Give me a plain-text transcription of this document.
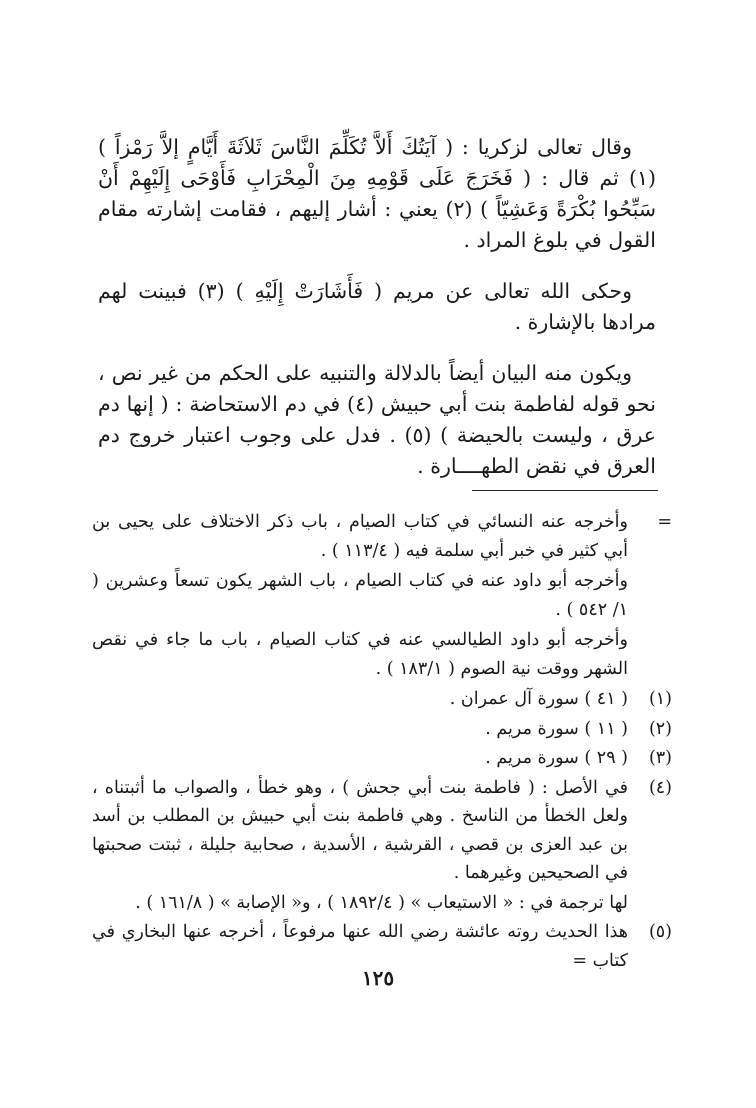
وقال تعالى لزكريا : ( آيَتُكَ أَلاَّ تُكَلِّمَ النَّاسَ ثَلاَثَةَ أَيَّامٍ إلاَّ رَمْزاً ) (١) ثم قال : ( فَخَرَجَ عَلَى قَوْمِهِ مِنَ الْمِحْرَابِ فَأَوْحَى إِلَيْهِمْ أَنْ سَبِّحُوا بُكْرَةً وَعَشِيّاً ) (٢) يعني : أشار إليهم ، فقامت إشارته مقام القول في بلوغ المراد .

وحكى الله تعالى عن مريم ( فَأَشَارَتْ إِلَيْهِ ) (٣) فبينت لهم مرادها بالإشارة .

ويكون منه البيان أيضاً بالدلالة والتنبيه على الحكم من غير نص ، نحو قوله لفاطمة بنت أبي حبيش (٤) في دم الاستحاضة : ( إنها دم عرق ، وليست بالحيضة ) (٥) . فدل على وجوب اعتبار خروج دم العرق في نقض الطهــــارة .

=
وأخرجه عنه النسائي في كتاب الصيام ، باب ذكر الاختلاف على يحيى بن أبي كثير في خبر أبي سلمة فيه ( ١١٣/٤ ) .
وأخرجه أبو داود عنه في كتاب الصيام ، باب الشهر يكون تسعاً وعشرين ( ١/ ٥٤٢ ) .
وأخرجه أبو داود الطيالسي عنه في كتاب الصيام ، باب ما جاء في نقص الشهر ووقت نية الصوم ( ١٨٣/١ ) .
(١)
( ٤١ ) سورة آل عمران .
(٢)
( ١١ ) سورة مريم .
(٣)
( ٢٩ ) سورة مريم .
(٤)
في الأصل : ( فاطمة بنت أبي جحش ) ، وهو خطأ ، والصواب ما أثبتناه ، ولعل الخطأ من الناسخ . وهي فاطمة بنت أبي حبيش بن المطلب بن أسد بن عبد العزى بن قصي ، القرشية ، الأسدية ، صحابية جليلة ، ثبتت صحبتها في الصحيحين وغيرهما .
لها ترجمة في : « الاستيعاب » ( ١٨٩٢/٤ ) ، و« الإصابة » ( ١٦١/٨ ) .
(٥)
هذا الحديث روته عائشة رضي الله عنها مرفوعاً ، أخرجه عنها البخاري في كتاب =
١٢٥
